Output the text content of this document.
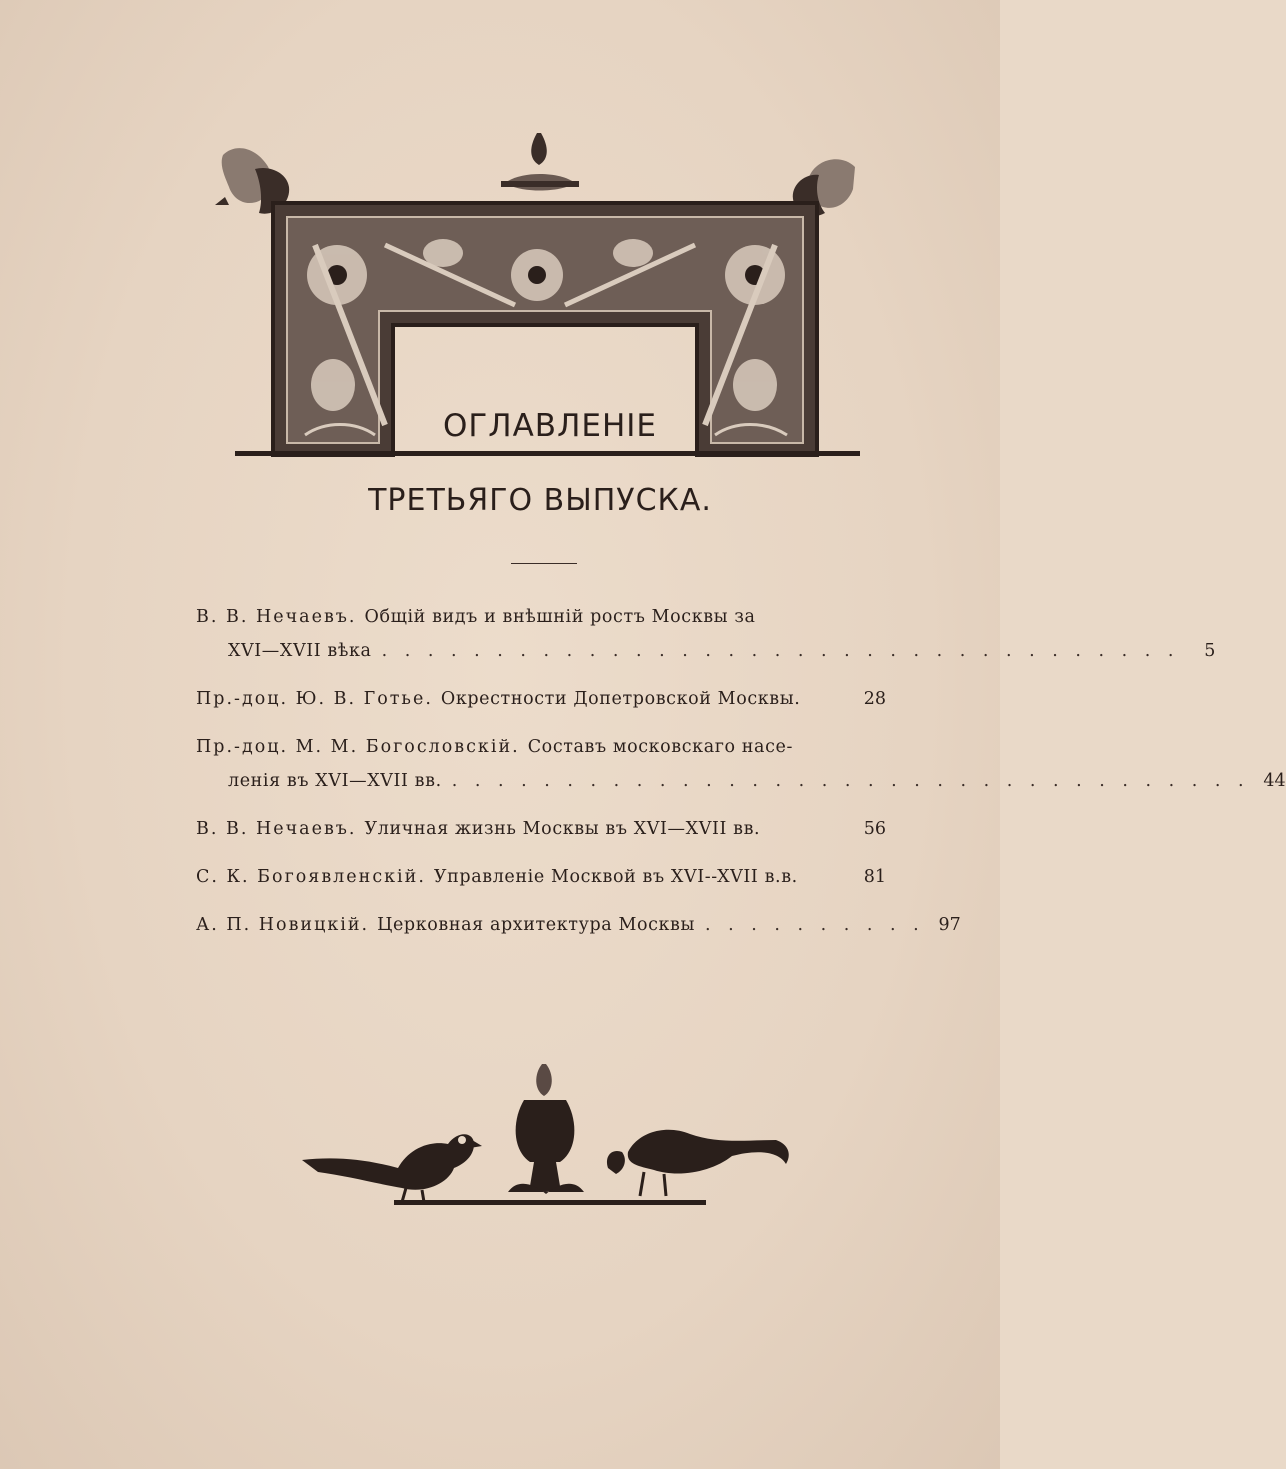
ОГЛАВЛЕНІЕ
ТРЕТЬЯГО ВЫПУСКА.
В. В. Нечаевъ. Общій видъ и внѣшній ростъ Москвы за
XVI—XVII вѣка . . . . . . . . . . . . . . . . . . . . . . . . . . . . . . . . . . .	5
Пр.-доц. Ю. В. Готье. Окрестности Допетровской Москвы.	28
Пр.-доц. М. М. Богословскій. Составъ московскаго насе-
ленія въ XVI—XVII вв. . . . . . . . . . . . . . . . . . . . . . . . . . . . . . . . . . . . 44
В. В. Нечаевъ. Уличная жизнь Москвы въ XVI—XVII вв.	56
С. К. Богоявленскій. Управленіе Москвой въ XVI--XVII в.в.	81
А. П. Новицкій. Церковная архитектура Москвы . . . . . . . . . . 97
